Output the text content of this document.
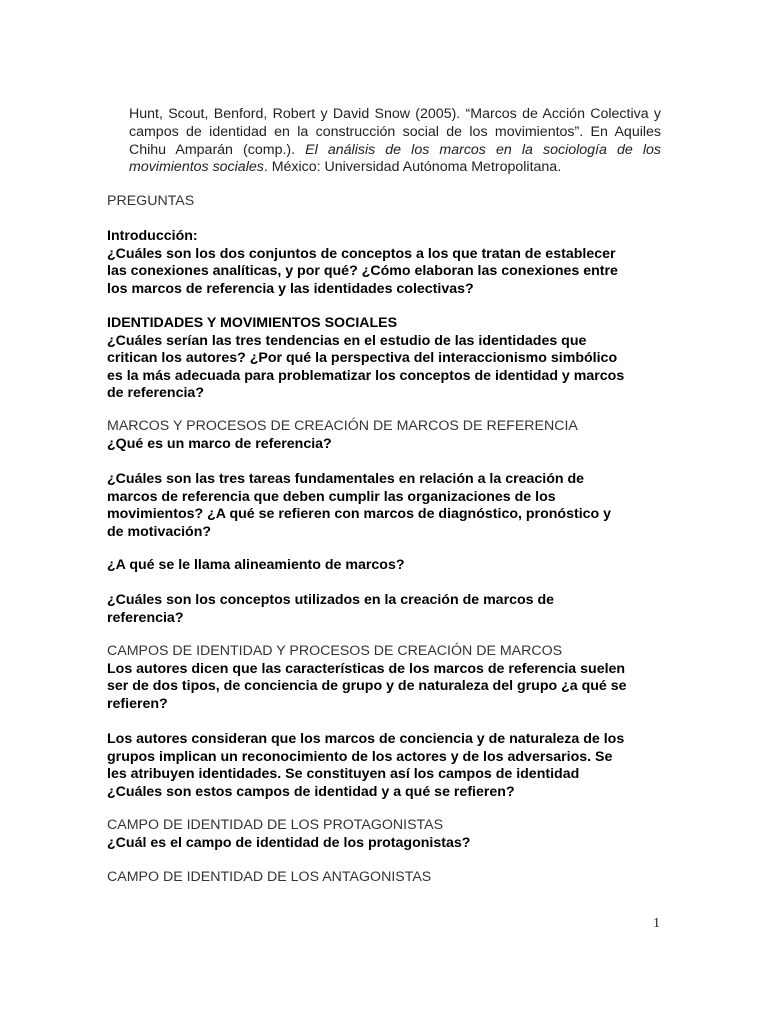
Hunt, Scout, Benford, Robert y David Snow (2005). “Marcos de Acción Colectiva y campos de identidad en la construcción social de los movimientos”. En Aquiles Chihu Amparán (comp.). El análisis de los marcos en la sociología de los movimientos sociales. México: Universidad Autónoma Metropolitana.

PREGUNTAS
Introducción:
¿Cuáles son los dos conjuntos de conceptos a los que tratan de establecer
las conexiones analíticas, y por qué? ¿Cómo elaboran las conexiones entre
los marcos de referencia y las identidades colectivas?
IDENTIDADES Y MOVIMIENTOS SOCIALES
¿Cuáles serían las tres tendencias en el estudio de las identidades que
critican los autores? ¿Por qué la perspectiva del interaccionismo simbólico
es la más adecuada para problematizar los conceptos de identidad y marcos
de referencia?
MARCOS Y PROCESOS DE CREACIÓN DE MARCOS DE REFERENCIA
¿Qué es un marco de referencia?
¿Cuáles son las tres tareas fundamentales en relación a la creación de
marcos de referencia que deben cumplir las organizaciones de los
movimientos? ¿A qué se refieren con marcos de diagnóstico, pronóstico y
de motivación?
¿A qué se le llama alineamiento de marcos?
¿Cuáles son los conceptos utilizados en la creación de marcos de
referencia?
CAMPOS DE IDENTIDAD Y PROCESOS DE CREACIÓN DE MARCOS
Los autores dicen que las características de los marcos de referencia suelen
ser de dos tipos, de conciencia de grupo y de naturaleza del grupo ¿a qué se
refieren?
Los autores consideran que los marcos de conciencia y de naturaleza de los
grupos implican un reconocimiento de los actores y de los adversarios. Se
les atribuyen identidades. Se constituyen así los campos de identidad
¿Cuáles son estos campos de identidad y a qué se refieren?
CAMPO DE IDENTIDAD DE LOS PROTAGONISTAS
¿Cuál es el campo de identidad de los protagonistas?
CAMPO DE IDENTIDAD DE LOS ANTAGONISTAS
1
